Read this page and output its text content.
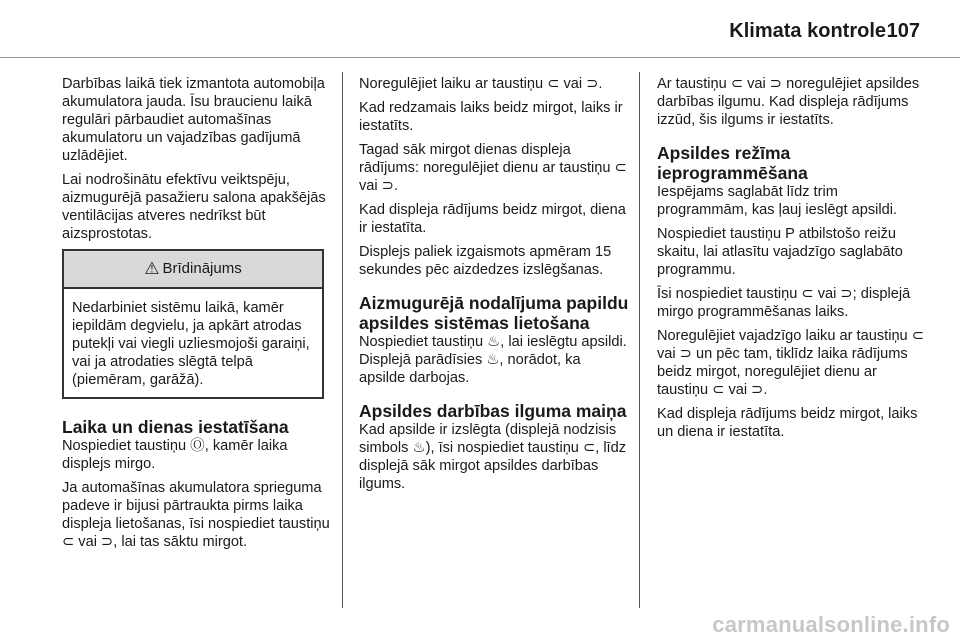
Klimata kontrole 107

Darbības laikā tiek izmantota automobiļa akumulatora jauda. Īsu braucienu laikā regulāri pārbaudiet automašīnas akumulatoru un vajadzības gadījumā uzlādējiet.

Lai nodrošinātu efektīvu veiktspēju, aizmugurējā pasažieru salona apakšējās ventilācijas atveres nedrīkst būt aizsprostotas.

⚠ Brīdinājums
Nedarbiniet sistēmu laikā, kamēr iepildām degvielu, ja apkārt atrodas putekļi vai viegli uzliesmojoši garaiņi, vai ja atrodaties slēgtā telpā (piemēram, garāžā).
Laika un dienas iestatīšana

Nospiediet taustiņu Ⓞ, kamēr laika displejs mirgo.

Ja automašīnas akumulatora sprieguma padeve ir bijusi pārtraukta pirms laika displeja lietošanas, īsi nospiediet taustiņu ⊂ vai ⊃, lai tas sāktu mirgot.

Noregulējiet laiku ar taustiņu ⊂ vai ⊃.

Kad redzamais laiks beidz mirgot, laiks ir iestatīts.

Tagad sāk mirgot dienas displeja rādījums: noregulējiet dienu ar taustiņu ⊂ vai ⊃.

Kad displeja rādījums beidz mirgot, diena ir iestatīta.

Displejs paliek izgaismots apmēram 15 sekundes pēc aizdedzes izslēgšanas.

Aizmugurējā nodalījuma papildu apsildes sistēmas lietošana

Nospiediet taustiņu ♨, lai ieslēgtu apsildi. Displejā parādīsies ♨, norādot, ka apsilde darbojas.

Apsildes darbības ilguma maiņa

Kad apsilde ir izslēgta (displejā nodzisis simbols ♨), īsi nospiediet taustiņu ⊂, līdz displejā sāk mirgot apsildes darbības ilgums.

Ar taustiņu ⊂ vai ⊃ noregulējiet apsildes darbības ilgumu. Kad displeja rādījums izzūd, šis ilgums ir iestatīts.

Apsildes režīma ieprogrammēšana

Iespējams saglabāt līdz trim programmām, kas ļauj ieslēgt apsildi.

Nospiediet taustiņu P atbilstošo reižu skaitu, lai atlasītu vajadzīgo saglabāto programmu.

Īsi nospiediet taustiņu ⊂ vai ⊃; displejā mirgo programmēšanas laiks.

Noregulējiet vajadzīgo laiku ar taustiņu ⊂ vai ⊃ un pēc tam, tiklīdz laika rādījums beidz mirgot, noregulējiet dienu ar taustiņu ⊂ vai ⊃.

Kad displeja rādījums beidz mirgot, laiks un diena ir iestatīta.

carmanualsonline.info
